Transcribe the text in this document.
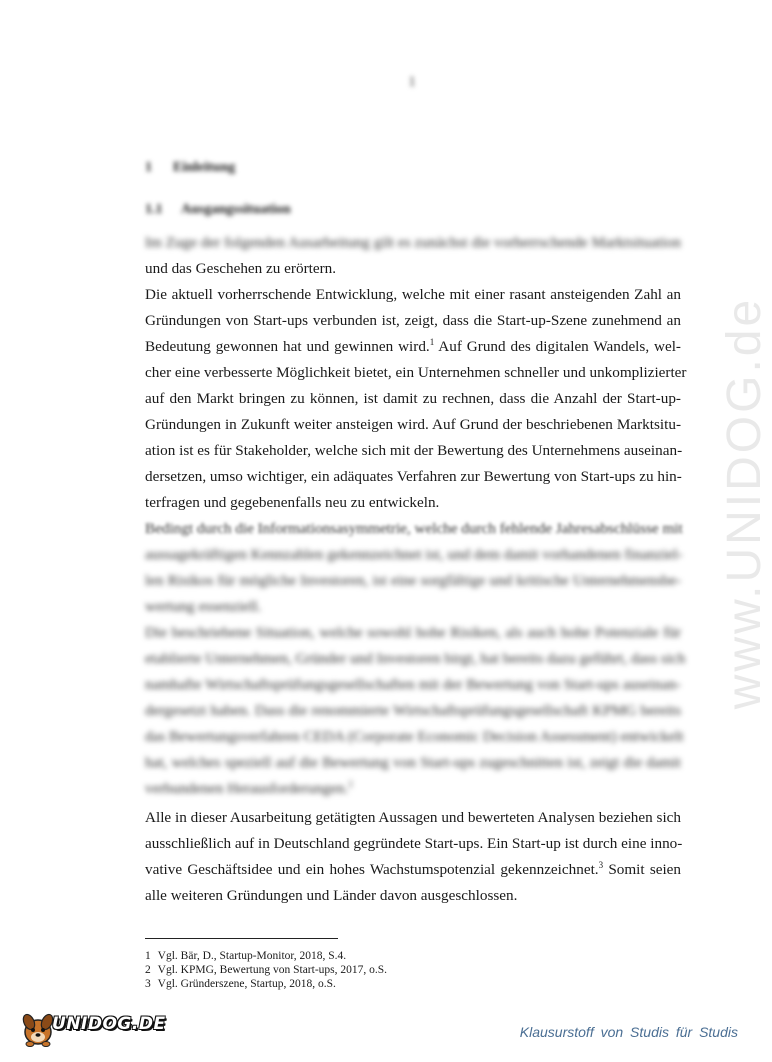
www.UNIDOG.de
1
1 Einleitung
1.1 Ausgangssituation
Im Zuge der folgenden Ausarbeitung gilt es zunächst die vorherrschende Marktsituation
und das Geschehen zu erörtern.
Die aktuell vorherrschende Entwicklung, welche mit einer rasant ansteigenden Zahl an
Gründungen von Start-ups verbunden ist, zeigt, dass die Start-up-Szene zunehmend an
Bedeutung gewonnen hat und gewinnen wird.$^1$ Auf Grund des digitalen Wandels, wel-
cher eine verbesserte Möglichkeit bietet, ein Unternehmen schneller und unkomplizierter
auf den Markt bringen zu können, ist damit zu rechnen, dass die Anzahl der Start-up-
Gründungen in Zukunft weiter ansteigen wird. Auf Grund der beschriebenen Marktsitu-
ation ist es für Stakeholder, welche sich mit der Bewertung des Unternehmens auseinan-
dersetzen, umso wichtiger, ein adäquates Verfahren zur Bewertung von Start-ups zu hin-
terfragen und gegebenenfalls neu zu entwickeln.
Bedingt durch die Informationsasymmetrie, welche durch fehlende Jahresabschlüsse mit
aussagekräftigen Kennzahlen gekennzeichnet ist, und dem damit vorhandenen finanziel-
len Risikos für mögliche Investoren, ist eine sorgfältige und kritische Unternehmensbe-
wertung essenziell.
Die beschriebene Situation, welche sowohl hohe Risiken, als auch hohe Potenziale für
etablierte Unternehmen, Gründer und Investoren birgt, hat bereits dazu geführt, dass sich
namhafte Wirtschaftsprüfungsgesellschaften mit der Bewertung von Start-ups auseinan-
dergesetzt haben. Dass die renommierte Wirtschaftsprüfungsgesellschaft KPMG bereits
das Bewertungsverfahren CEDA (Corporate Economic Decision Assessment) entwickelt
hat, welches speziell auf die Bewertung von Start-ups zugeschnitten ist, zeigt die damit
verbundenen Herausforderungen.$^2$
Alle in dieser Ausarbeitung getätigten Aussagen und bewerteten Analysen beziehen sich
ausschließlich auf in Deutschland gegründete Start-ups. Ein Start-up ist durch eine inno-
vative Geschäftsidee und ein hohes Wachstumspotenzial gekennzeichnet.$^3$ Somit seien
alle weiteren Gründungen und Länder davon ausgeschlossen.
1 Vgl. Bär, D., Startup-Monitor, 2018, S.4.
2 Vgl. KPMG, Bewertung von Start-ups, 2017, o.S.
3 Vgl. Gründerszene, Startup, 2018, o.S.
UNIDOG.DE	Klausurstoff von Studis für Studis
